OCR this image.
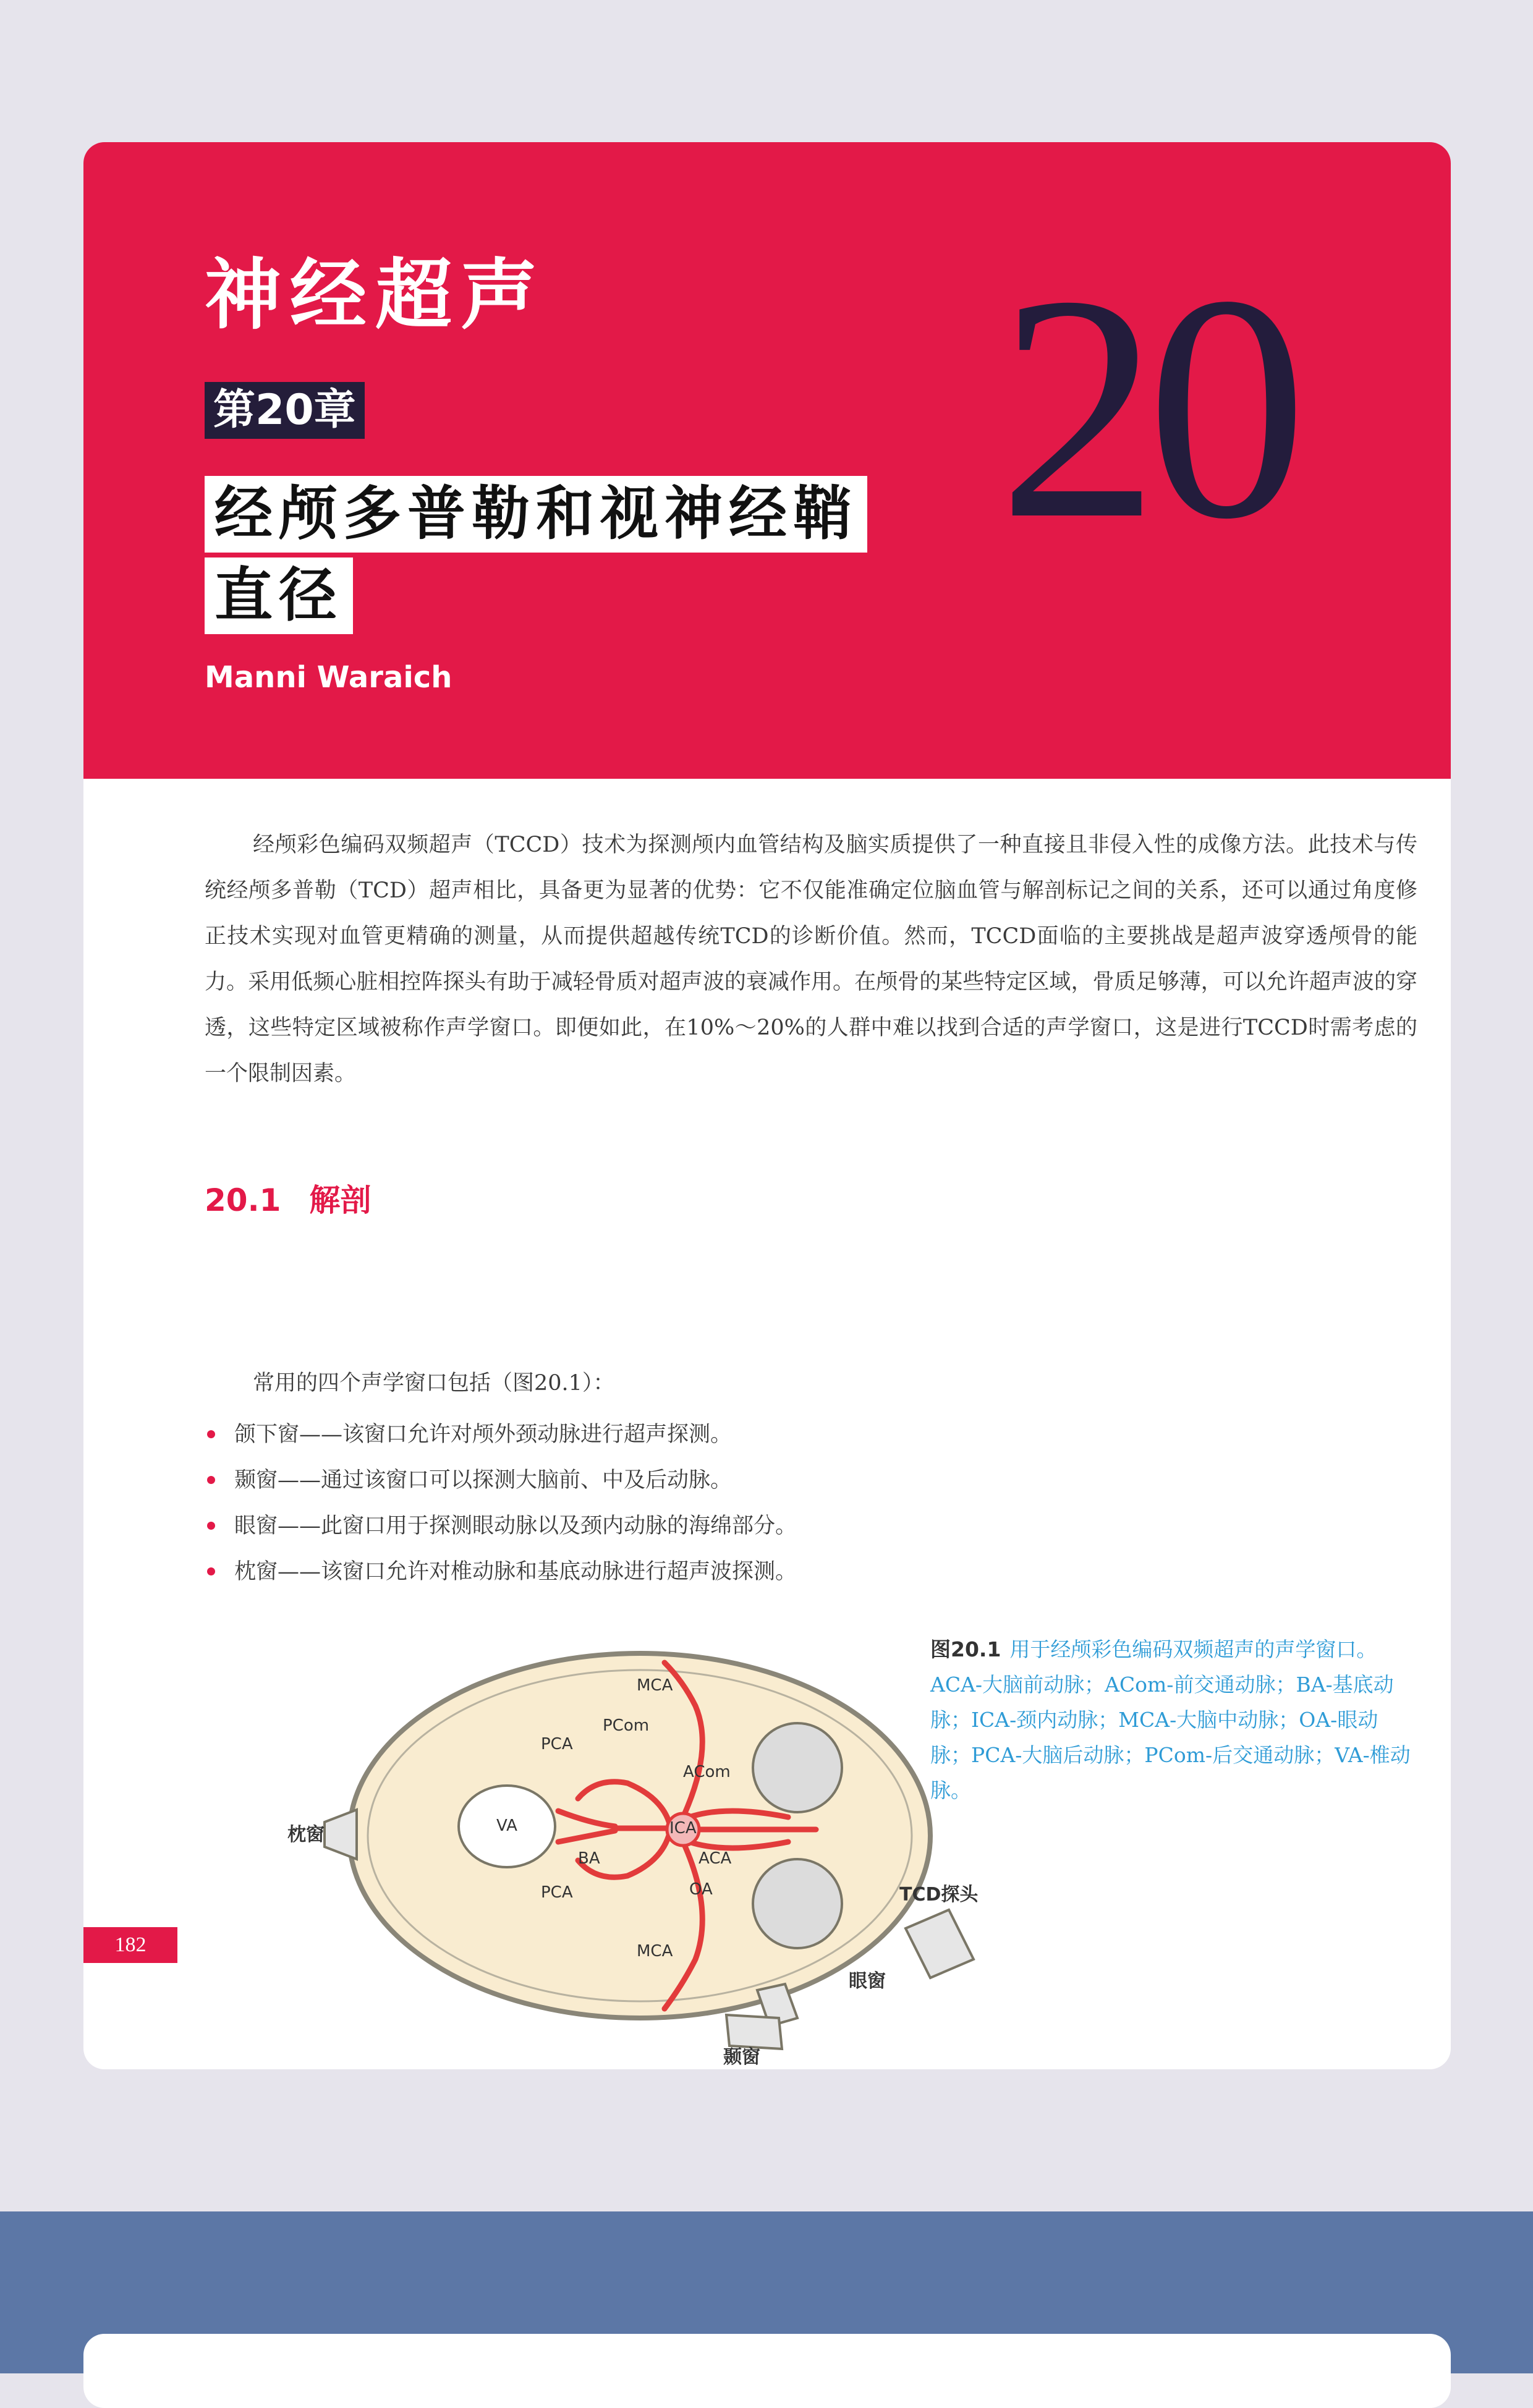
神经超声
第20章
经颅多普勒和视神经鞘
直径
Manni Waraich
20

经颅彩色编码双频超声（TCCD）技术为探测颅内血管结构及脑实质提供了一种直接且非侵入性的成像方法。此技术与传统经颅多普勒（TCD）超声相比，具备更为显著的优势：它不仅能准确定位脑血管与解剖标记之间的关系，还可以通过角度修正技术实现对血管更精确的测量，从而提供超越传统TCD的诊断价值。然而，TCCD面临的主要挑战是超声波穿透颅骨的能力。采用低频心脏相控阵探头有助于减轻骨质对超声波的衰减作用。在颅骨的某些特定区域，骨质足够薄，可以允许超声波的穿透，这些特定区域被称作声学窗口。即便如此，在10%～20%的人群中难以找到合适的声学窗口，这是进行TCCD时需考虑的一个限制因素。

20.1 解剖

常用的四个声学窗口包括（图20.1）：

颌下窗——该窗口允许对颅外颈动脉进行超声探测。
颞窗——通过该窗口可以探测大脑前、中及后动脉。
眼窗——此窗口用于探测眼动脉以及颈内动脉的海绵部分。
枕窗——该窗口允许对椎动脉和基底动脉进行超声波探测。
MCA
PCom
PCA
ACom
VA	ICA
BA	ACA
PCA	OA
MCA
枕窗
TCD探头
眼窗
颞窗

图20.1 用于经颅彩色编码双频超声的声学窗口。ACA-大脑前动脉；ACom-前交通动脉；BA-基底动脉；ICA-颈内动脉；MCA-大脑中动脉；OA-眼动脉；PCA-大脑后动脉；PCom-后交通动脉；VA-椎动脉。

182
